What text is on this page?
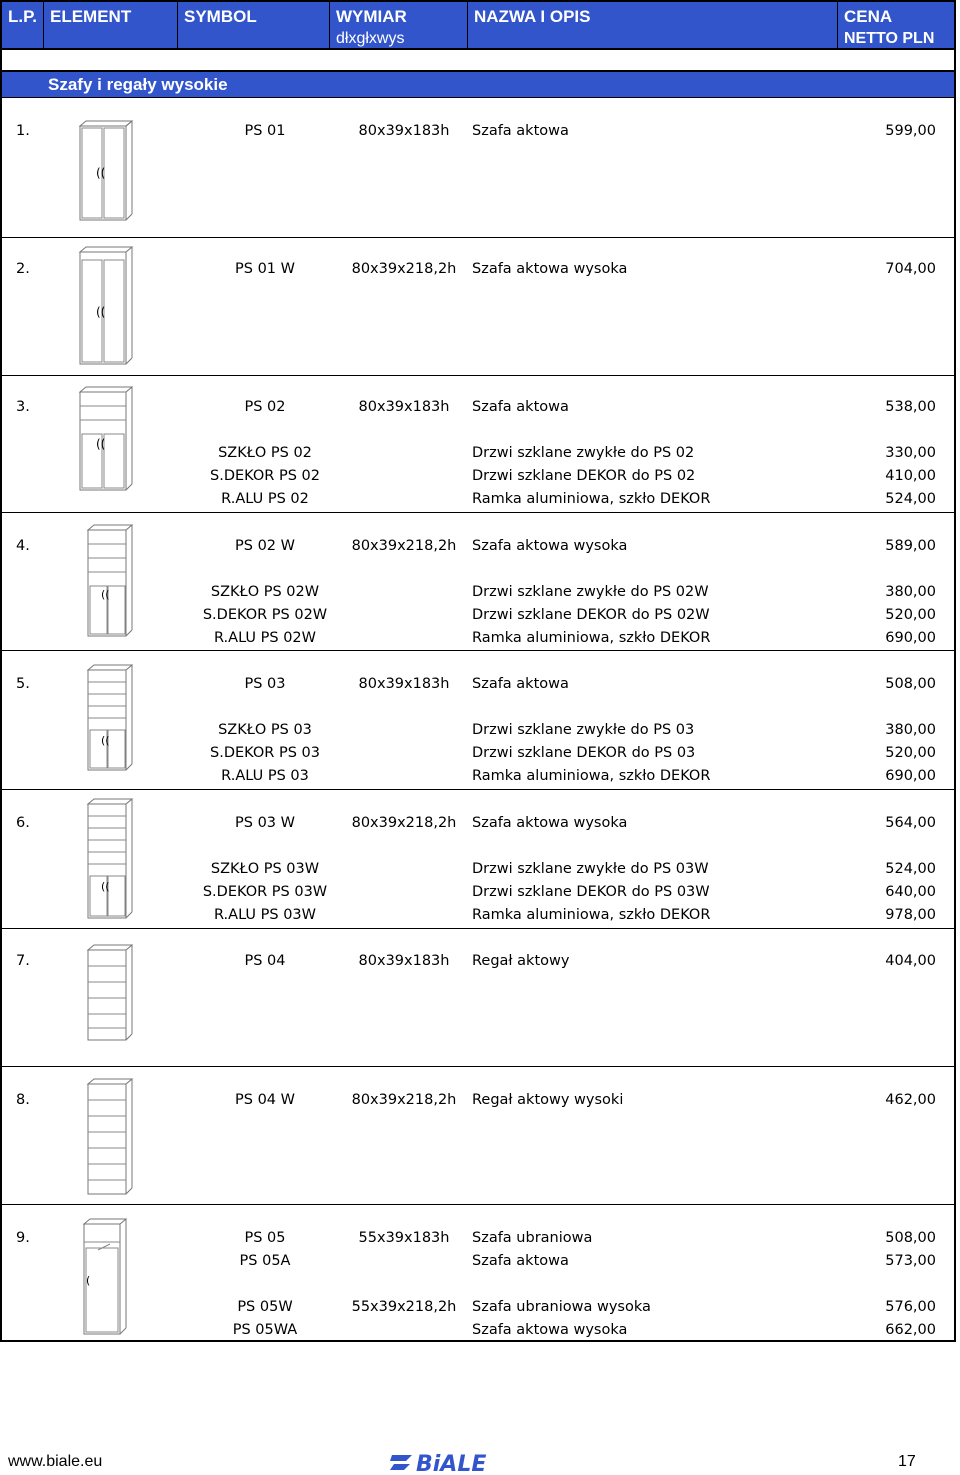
L.P. ELEMENT	SYMBOL	WYMIAR
dłxgłxwys
NAZWA I OPIS	CENA
NETTO PLN
Szafy i regały wysokie
1.	PS 01	80x39x183h	Szafa aktowa	599,00
2.	PS 01 W	80x39x218,2h	Szafa aktowa wysoka	704,00
3.	PS 02	80x39x183h	Szafa aktowa	538,00
SZKŁO PS 02	Drzwi szklane zwykłe do PS 02	330,00
S.DEKOR PS 02	Drzwi szklane DEKOR do PS 02	410,00
R.ALU PS 02	Ramka aluminiowa, szkło DEKOR	524,00
4.	PS 02 W	80x39x218,2h	Szafa aktowa wysoka	589,00
SZKŁO PS 02W	Drzwi szklane zwykłe do PS 02W	380,00
S.DEKOR PS 02W	Drzwi szklane DEKOR do PS 02W	520,00
R.ALU PS 02W	Ramka aluminiowa, szkło DEKOR	690,00
5.	PS 03	80x39x183h	Szafa aktowa	508,00
SZKŁO PS 03	Drzwi szklane zwykłe do PS 03	380,00
S.DEKOR PS 03	Drzwi szklane DEKOR do PS 03	520,00
R.ALU PS 03	Ramka aluminiowa, szkło DEKOR	690,00
6.	PS 03 W	80x39x218,2h	Szafa aktowa wysoka	564,00
SZKŁO PS 03W	Drzwi szklane zwykłe do PS 03W	524,00
S.DEKOR PS 03W	Drzwi szklane DEKOR do PS 03W	640,00
R.ALU PS 03W	Ramka aluminiowa, szkło DEKOR	978,00
7.	PS 04	80x39x183h	Regał aktowy	404,00
8.	PS 04 W	80x39x218,2h	Regał aktowy wysoki	462,00
9.	PS 05	55x39x183h	Szafa ubraniowa	508,00
PS 05A	Szafa aktowa	573,00
PS 05W	55x39x218,2h	Szafa ubraniowa wysoka	576,00
PS 05WA	Szafa aktowa wysoka	662,00
((
((
((
((
((
((
(
www.biale.eu	BiALE	17
